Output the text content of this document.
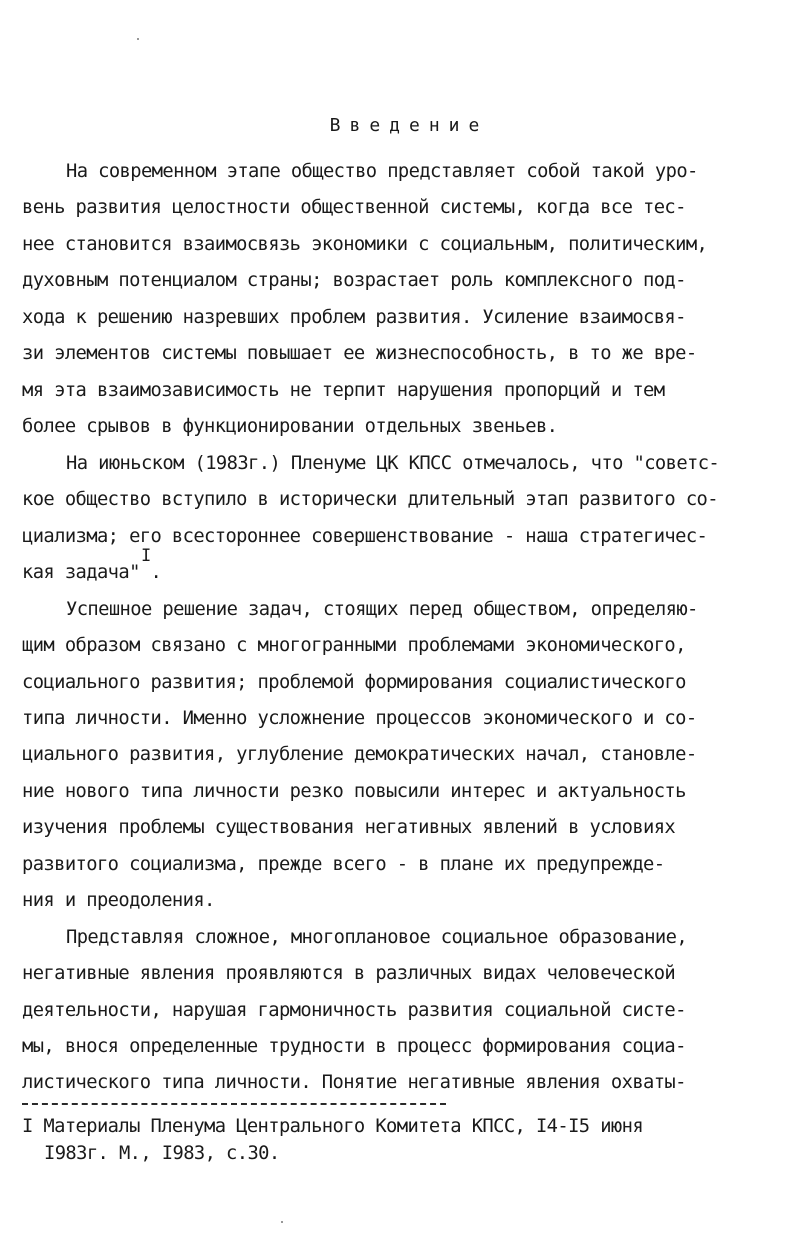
Введение
На современном этапе общество представляет собой такой уро-
вень развития целостности общественной системы, когда все тес-
нее становится взаимосвязь экономики с социальным, политическим,
духовным потенциалом страны; возрастает роль комплексного под-
хода к решению назревших проблем развития. Усиление взаимосвя-
зи элементов системы повышает ее жизнеспособность, в то же вре-
мя эта взаимозависимость не терпит нарушения пропорций и тем
более срывов в функционировании отдельных звеньев.
На июньском (1983г.) Пленуме ЦК КПСС отмечалось, что "советс-
кое общество вступило в исторически длительный этап развитого со-
циализма; его всестороннее совершенствование - наша стратегичес-
кая задача" .
I
Успешное решение задач, стоящих перед обществом, определяю-
щим образом связано с многогранными проблемами экономического,
социального развития; проблемой формирования социалистического
типа личности. Именно усложнение процессов экономического и со-
циального развития, углубление демократических начал, становле-
ние нового типа личности резко повысили интерес и актуальность
изучения проблемы существования негативных явлений в условиях
развитого социализма, прежде всего - в плане их предупрежде-
ния и преодоления.
Представляя сложное, многоплановое социальное образование,
негативные явления проявляются в различных видах человеческой
деятельности, нарушая гармоничность развития социальной систе-
мы, внося определенные трудности в процесс формирования социа-
листического типа личности. Понятие негативные явления охваты-
I Материалы Пленума Центрального Комитета КПСС, I4-I5 июня
I983г. М., I983, с.30.
